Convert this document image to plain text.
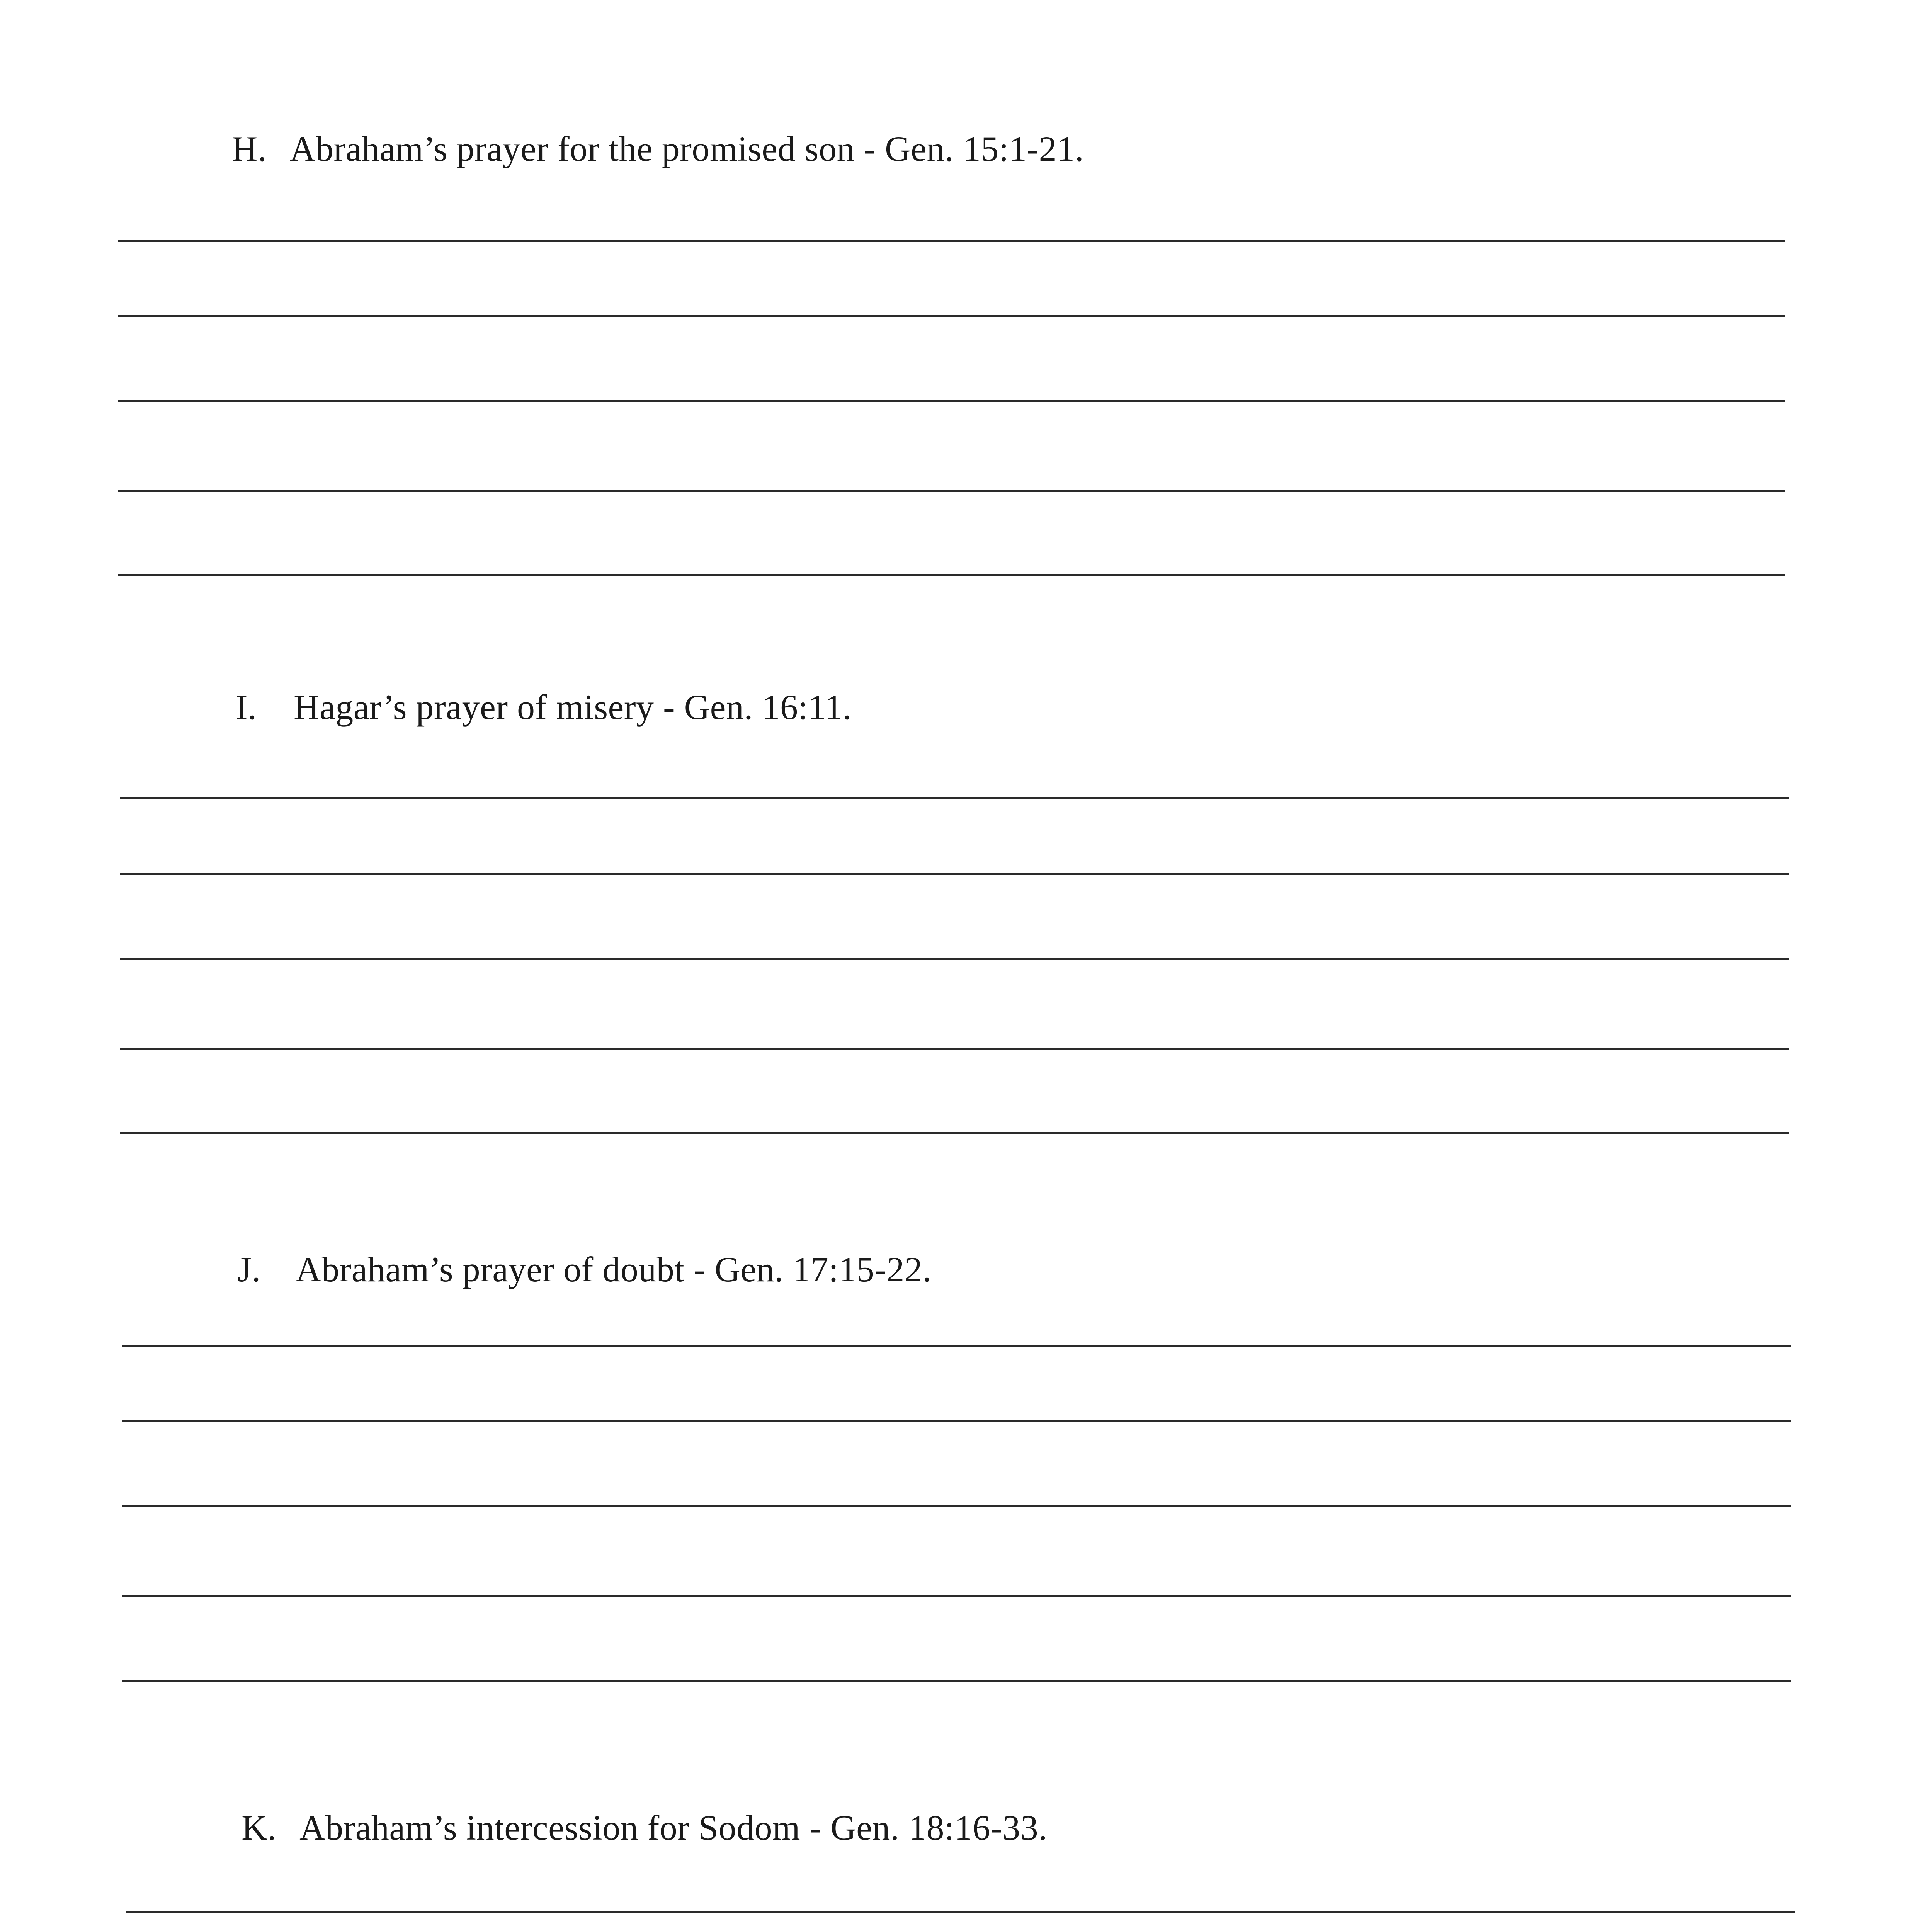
H. Abraham’s prayer for the promised son - Gen. 15:1-21.
I. Hagar’s prayer of misery - Gen. 16:11.
J. Abraham’s prayer of doubt - Gen. 17:15-22.
K. Abraham’s intercession for Sodom - Gen. 18:16-33.
